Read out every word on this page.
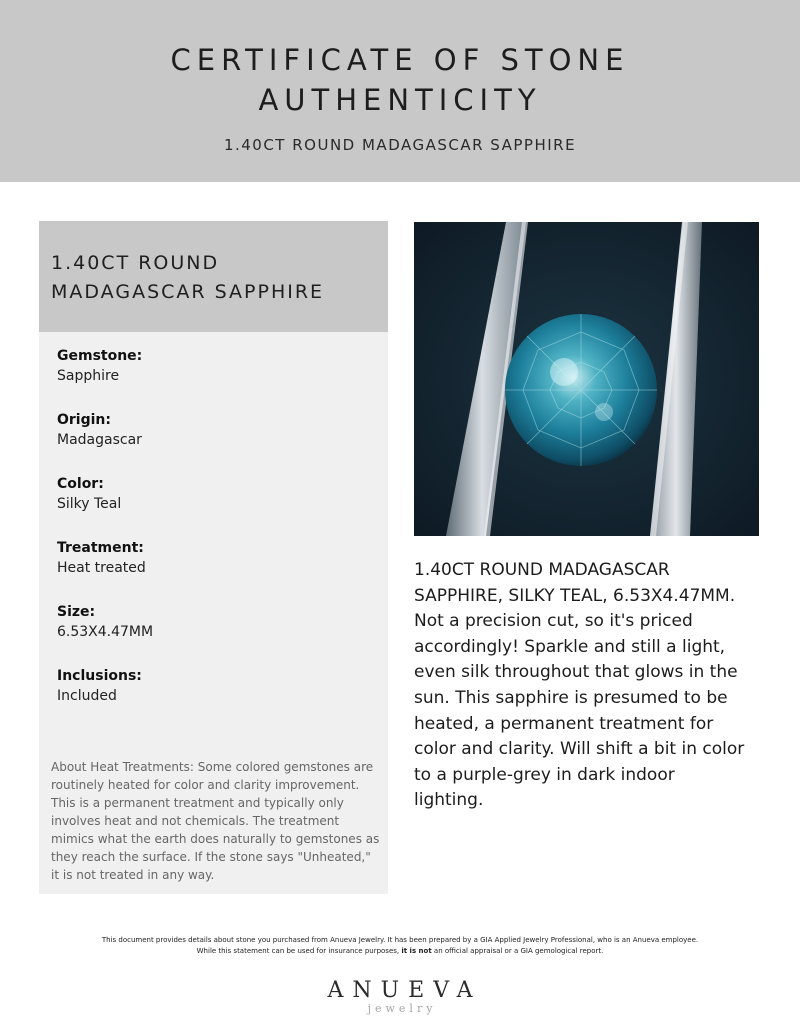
CERTIFICATE OF STONE
AUTHENTICITY
1.40CT ROUND MADAGASCAR SAPPHIRE
1.40CT ROUND
MADAGASCAR SAPPHIRE
Gemstone:
Sapphire
Origin:
Madagascar
Color:
Silky Teal
Treatment:
Heat treated
Size:
6.53X4.47MM
Inclusions:
Included
About Heat Treatments: Some colored gemstones are routinely heated for color and clarity improvement. This is a permanent treatment and typically only involves heat and not chemicals. The treatment mimics what the earth does naturally to gemstones as they reach the surface. If the stone says "Unheated," it is not treated in any way.
1.40CT ROUND MADAGASCAR SAPPHIRE, SILKY TEAL, 6.53X4.47MM. Not a precision cut, so it's priced accordingly! Sparkle and still a light, even silk throughout that glows in the sun. This sapphire is presumed to be heated, a permanent treatment for color and clarity. Will shift a bit in color to a purple-grey in dark indoor lighting.
This document provides details about stone you purchased from Anueva Jewelry. It has been prepared by a GIA Applied Jewelry Professional, who is an Anueva employee.
While this statement can be used for insurance purposes, it is not an official appraisal or a GIA gemological report.
ANUEVA
jewelry
